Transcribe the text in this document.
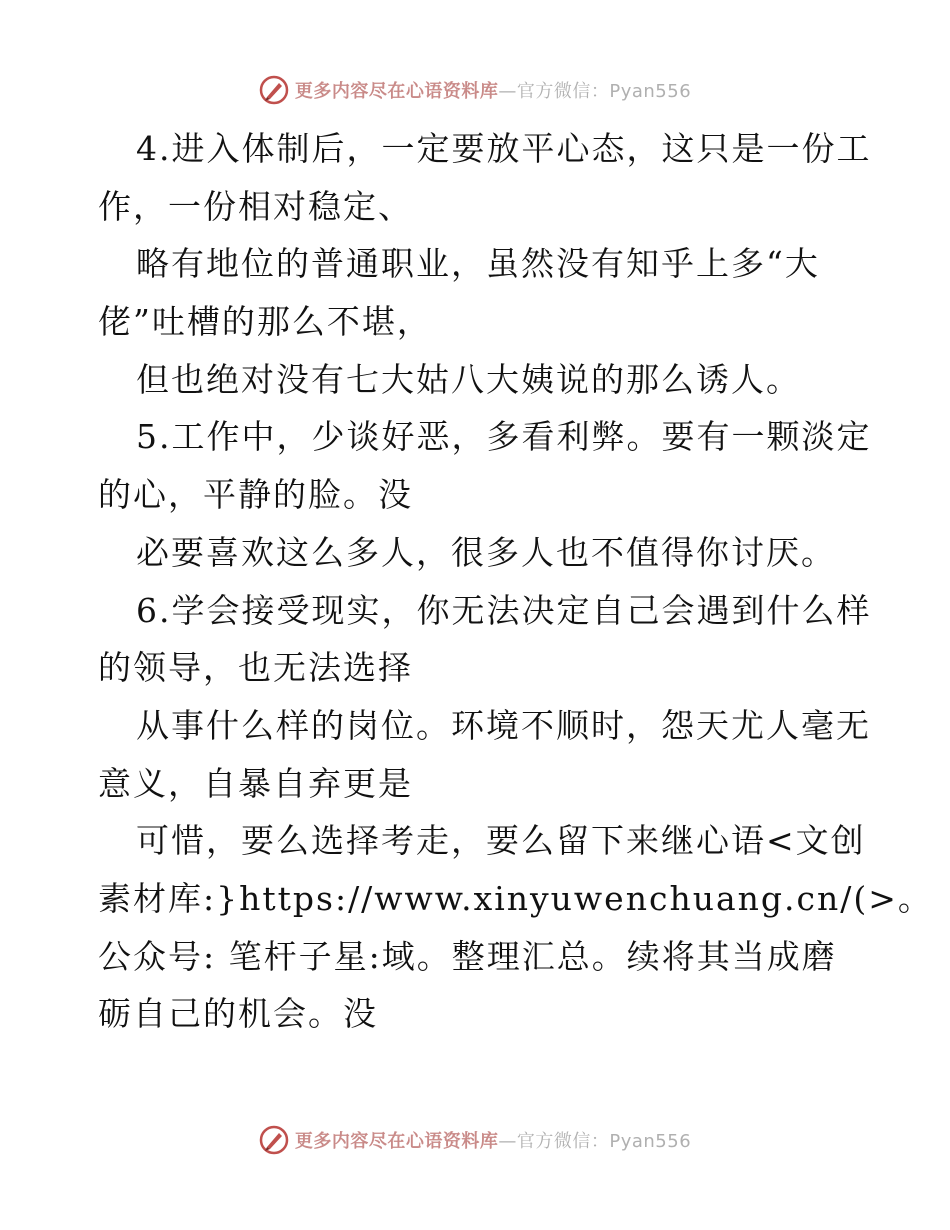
更多内容尽在心语资料库—官方微信：Pyan556
4.进入体制后，一定要放平心态，这只是一份工
作，一份相对稳定、
略有地位的普通职业，虽然没有知乎上多“大
佬”吐槽的那么不堪，
但也绝对没有七大姑八大姨说的那么诱人。
5.工作中，少谈好恶，多看利弊。要有一颗淡定
的心，平静的脸。没
必要喜欢这么多人，很多人也不值得你讨厌。
6.学会接受现实，你无法决定自己会遇到什么样
的领导，也无法选择
从事什么样的岗位。环境不顺时，怨天尤人毫无
意义，自暴自弃更是
可惜，要么选择考走，要么留下来继心语<文创
素材库:}https://www.xinyuwenchuang.cn/(>。
公众号: 笔杆子星:域。整理汇总。续将其当成磨
砺自己的机会。没
更多内容尽在心语资料库—官方微信：Pyan556
